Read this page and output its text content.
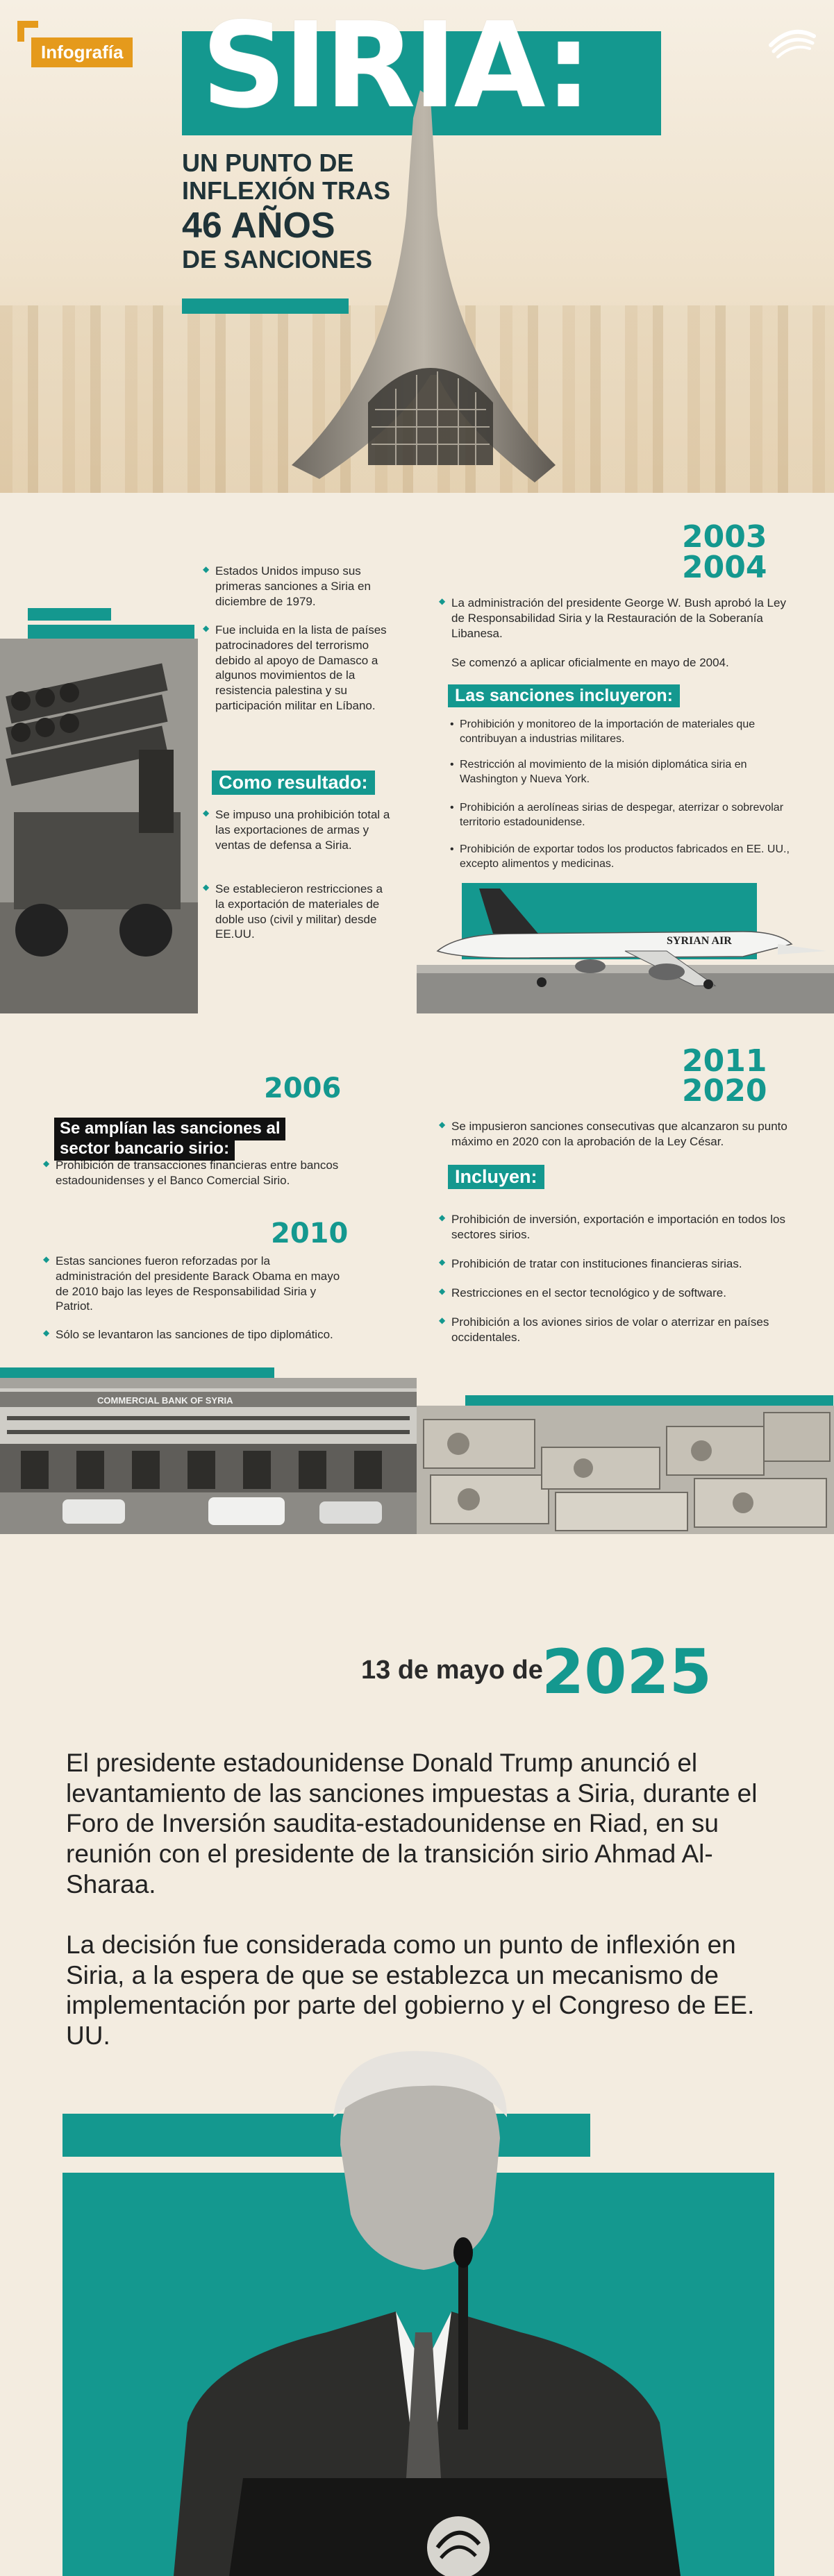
Infografía SIRIA:
UN PUNTO DE
INFLEXIÓN TRAS
46 AÑOS
DE SANCIONES
◆ Estados Unidos impuso sus primeras sanciones a Siria en diciembre de 1979.
◆ Fue incluida en la lista de países patrocinadores del terrorismo debido al apoyo de Damasco a algunos movimientos de la resistencia palestina y su participación militar en Líbano.
Como resultado:
◆ Se impuso una prohibición total a las exportaciones de armas y ventas de defensa a Siria.
◆ Se establecieron restricciones a la exportación de materiales de doble uso (civil y militar) desde EE.UU.
2003
2004
◆ La administración del presidente George W. Bush aprobó la Ley de Responsabilidad Siria y la Restauración de la Soberanía Libanesa.
Se comenzó a aplicar oficialmente en mayo de 2004.
Las sanciones incluyeron:
• Prohibición y monitoreo de la importación de materiales que contribuyan a industrias militares.
• Restricción al movimiento de la misión diplomática siria en Washington y Nueva York.
• Prohibición a aerolíneas sirias de despegar, aterrizar o sobrevolar territorio estadounidense.
• Prohibición de exportar todos los productos fabricados en EE. UU., excepto alimentos y medicinas.
SYRIAN AIR
2006
Se amplían las sanciones al
sector bancario sirio:
◆ Prohibición de transacciones financieras entre bancos estadounidenses y el Banco Comercial Sirio.
2010
◆ Estas sanciones fueron reforzadas por la administración del presidente Barack Obama en mayo de 2010 bajo las leyes de Responsabilidad Siria y Patriot.
◆ Sólo se levantaron las sanciones de tipo diplomático.
COMMERCIAL BANK OF SYRIA
2011
2020
◆ Se impusieron sanciones consecutivas que alcanzaron su punto máximo en 2020 con la aprobación de la Ley César.
Incluyen:
◆ Prohibición de inversión, exportación e importación en todos los sectores sirios.
◆ Prohibición de tratar con instituciones financieras sirias.
◆ Restricciones en el sector tecnológico y de software.
◆ Prohibición a los aviones sirios de volar o aterrizar en países occidentales.
13 de mayo de
2025

El presidente estadounidense Donald Trump anunció el levantamiento de las sanciones impuestas a Siria, durante el Foro de Inversión saudita-estadounidense en Riad, en su reunión con el presidente de la transición sirio Ahmad Al-Sharaa.

La decisión fue considerada como un punto de inflexión en Siria, a la espera de que se establezca un mecanismo de implementación por parte del gobierno y el Congreso de EE. UU.
